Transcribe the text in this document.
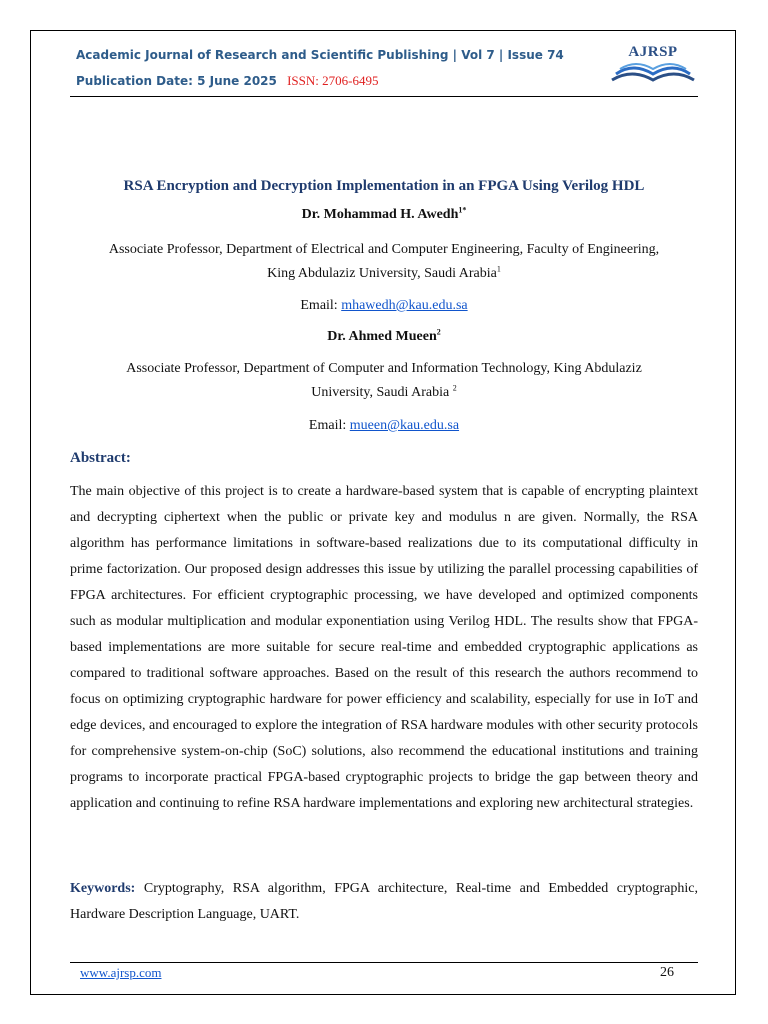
Academic Journal of Research and Scientific Publishing | Vol 7 | Issue 74
Publication Date: 5 June 2025 ISSN: 2706-6495
AJRSP
RSA Encryption and Decryption Implementation in an FPGA Using Verilog HDL
Dr. Mohammad H. Awedh$^{1*}$
Associate Professor, Department of Electrical and Computer Engineering, Faculty of Engineering,
King Abdulaziz University, Saudi Arabia$^1$
Email: mhawedh@kau.edu.sa
Dr. Ahmed Mueen$^2$
Associate Professor, Department of Computer and Information Technology, King Abdulaziz
University, Saudi Arabia $^2$
Email: mueen@kau.edu.sa
Abstract:

The main objective of this project is to create a hardware-based system that is capable of encrypting plaintext and decrypting ciphertext when the public or private key and modulus n are given. Normally, the RSA algorithm has performance limitations in software-based realizations due to its computational difficulty in prime factorization. Our proposed design addresses this issue by utilizing the parallel processing capabilities of FPGA architectures. For efficient cryptographic processing, we have developed and optimized components such as modular multiplication and modular exponentiation using Verilog HDL. The results show that FPGA-based implementations are more suitable for secure real-time and embedded cryptographic applications as compared to traditional software approaches. Based on the result of this research the authors recommend to focus on optimizing cryptographic hardware for power efficiency and scalability, especially for use in IoT and edge devices, and encouraged to explore the integration of RSA hardware modules with other security protocols for comprehensive system-on-chip (SoC) solutions, also recommend the educational institutions and training programs to incorporate practical FPGA-based cryptographic projects to bridge the gap between theory and application and continuing to refine RSA hardware implementations and exploring new architectural strategies.

Keywords: Cryptography, RSA algorithm, FPGA architecture, Real-time and Embedded cryptographic, Hardware Description Language, UART.

www.ajrsp.com	26
